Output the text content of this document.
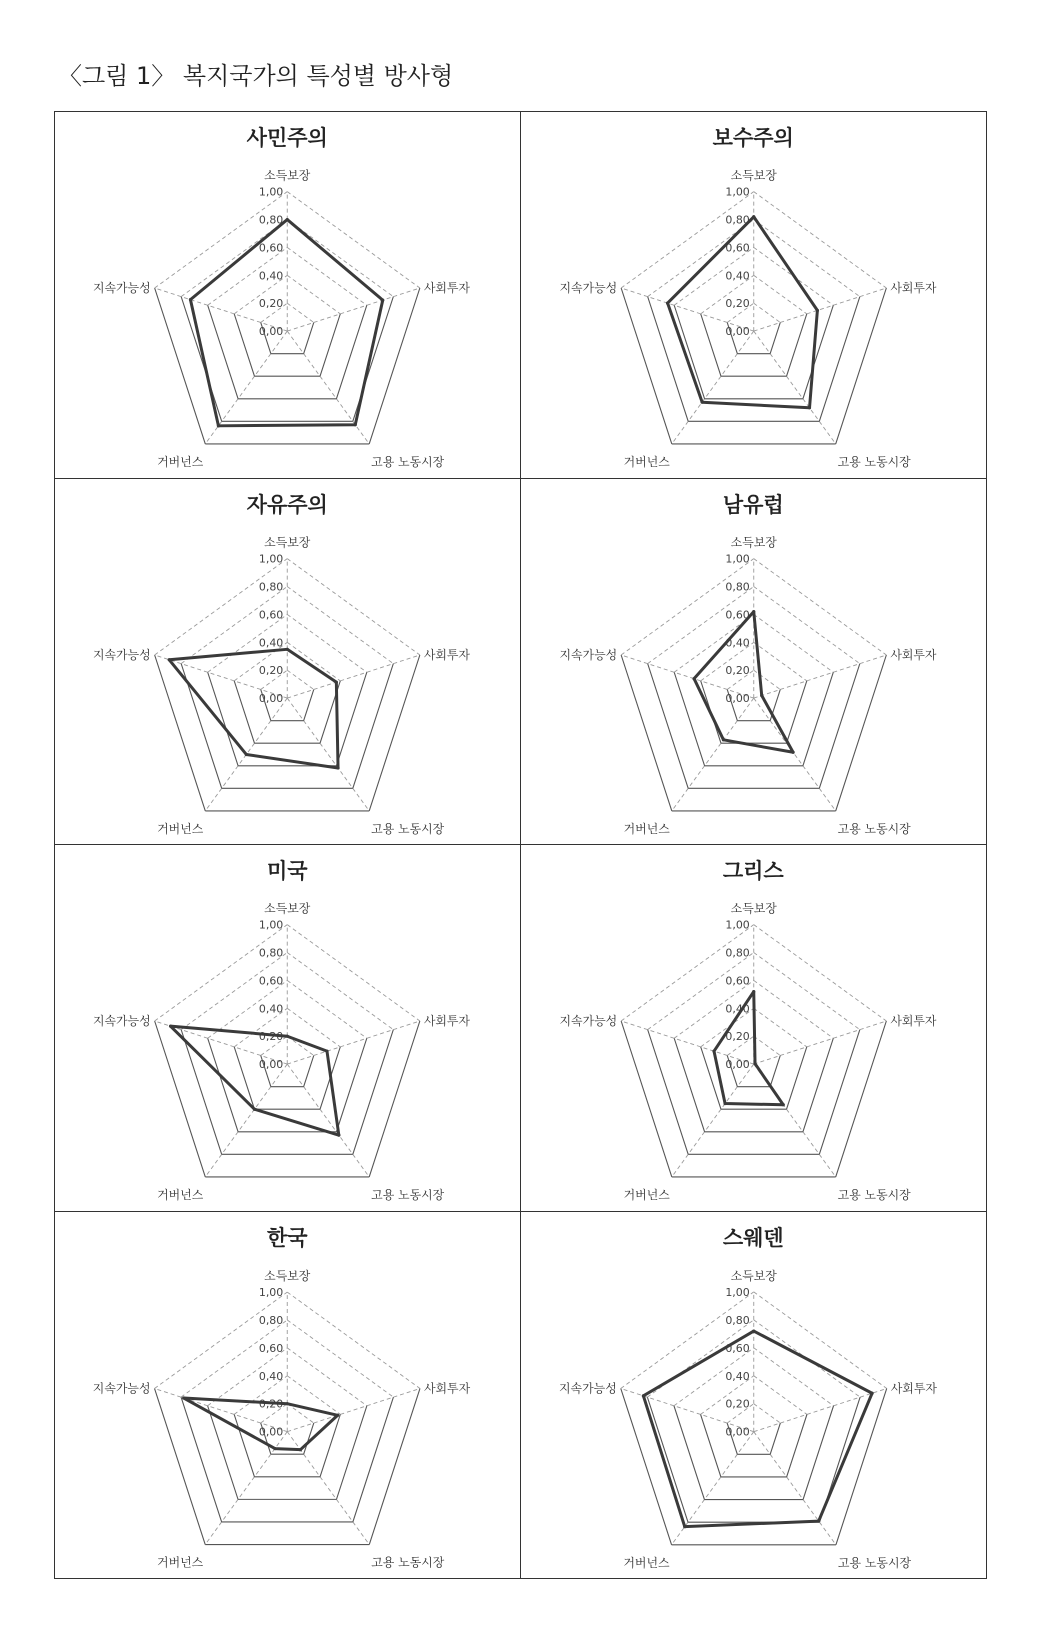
〈그림 1〉 복지국가의 특성별 방사형
사민주의
0,00
0,20
0,40
0,60
0,80
1,00
소득보장
사회투자
고용 노동시장
거버넌스
지속가능성
보수주의
0,00
0,20
0,40
0,60
0,80
1,00
소득보장
사회투자
고용 노동시장
거버넌스
지속가능성
자유주의
0,00
0,20
0,40
0,60
0,80
1,00
소득보장
사회투자
고용 노동시장
거버넌스
지속가능성
남유럽
0,00
0,20
0,40
0,60
0,80
1,00
소득보장
사회투자
고용 노동시장
거버넌스
지속가능성
미국
0,00
0,20
0,40
0,60
0,80
1,00
소득보장
사회투자
고용 노동시장
거버넌스
지속가능성
그리스
0,00
0,20
0,40
0,60
0,80
1,00
소득보장
사회투자
고용 노동시장
거버넌스
지속가능성
한국
0,00
0,20
0,40
0,60
0,80
1,00
소득보장
사회투자
고용 노동시장
거버넌스
지속가능성
스웨덴
0,00
0,20
0,40
0,60
0,80
1,00
소득보장
사회투자
고용 노동시장
거버넌스
지속가능성
